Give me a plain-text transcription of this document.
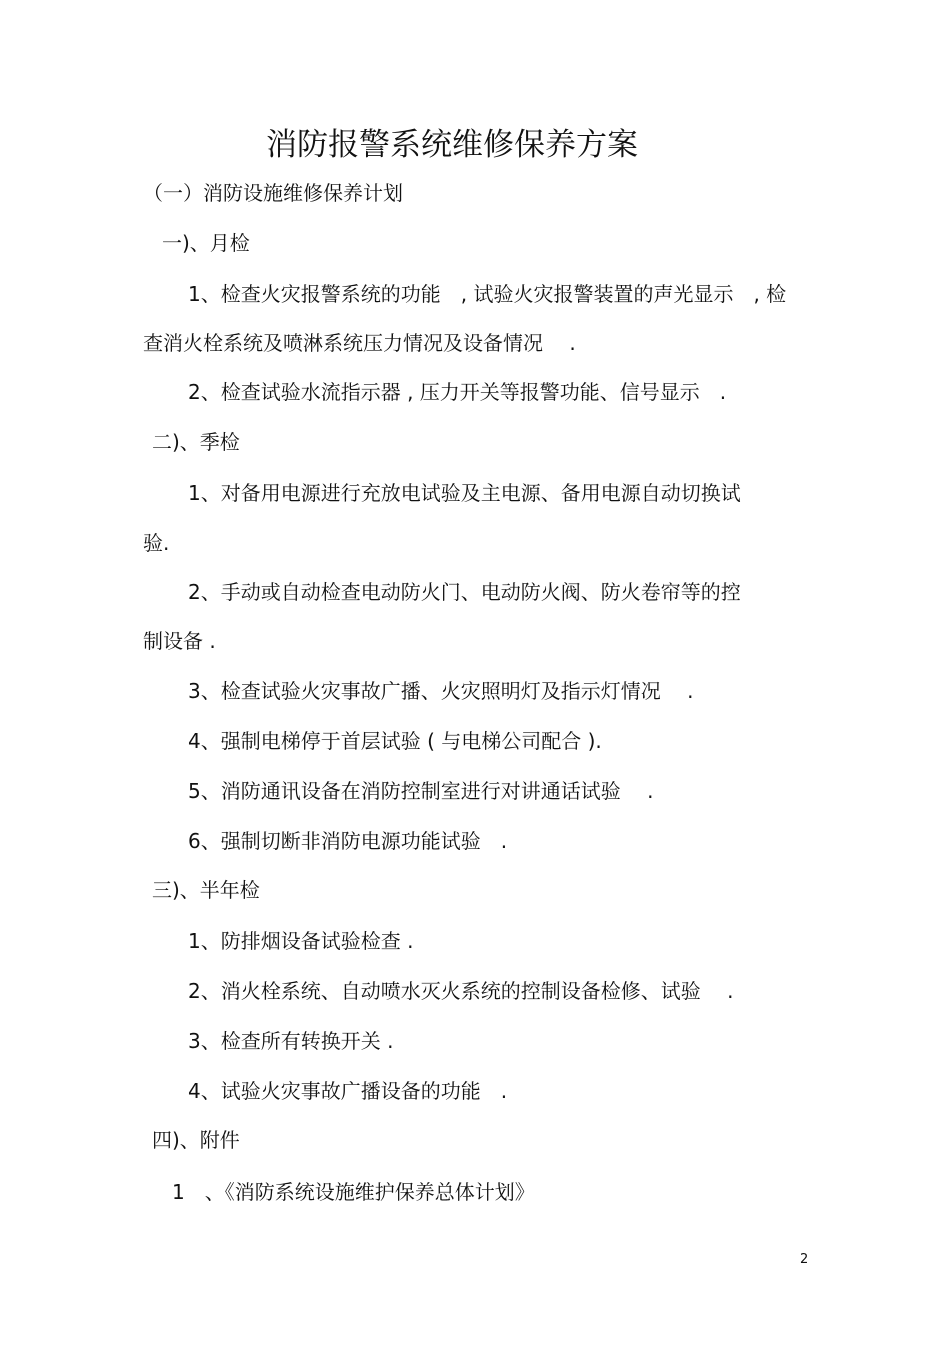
消防报警系统维修保养方案
（一）消防设施维修保养计划
一)、月检
1、检查火灾报警系统的功能　, 试验火灾报警装置的声光显示　, 检
查消火栓系统及喷淋系统压力情况及设备情况　 .
2、检查试验水流指示器 , 压力开关等报警功能、信号显示　.
二)、季检
1、对备用电源进行充放电试验及主电源、备用电源自动切换试
验.
2、手动或自动检查电动防火门、电动防火阀、防火卷帘等的控
制设备 .
3、检查试验火灾事故广播、火灾照明灯及指示灯情况　 .
4、强制电梯停于首层试验 ( 与电梯公司配合 ).
5、消防通讯设备在消防控制室进行对讲通话试验　 .
6、强制切断非消防电源功能试验　.
三)、半年检
1、防排烟设备试验检查 .
2、消火栓系统、自动喷水灭火系统的控制设备检修、试验　 .
3、检查所有转换开关 .
4、试验火灾事故广播设备的功能　.
四)、附件
1　、《消防系统设施维护保养总体计划》
2
